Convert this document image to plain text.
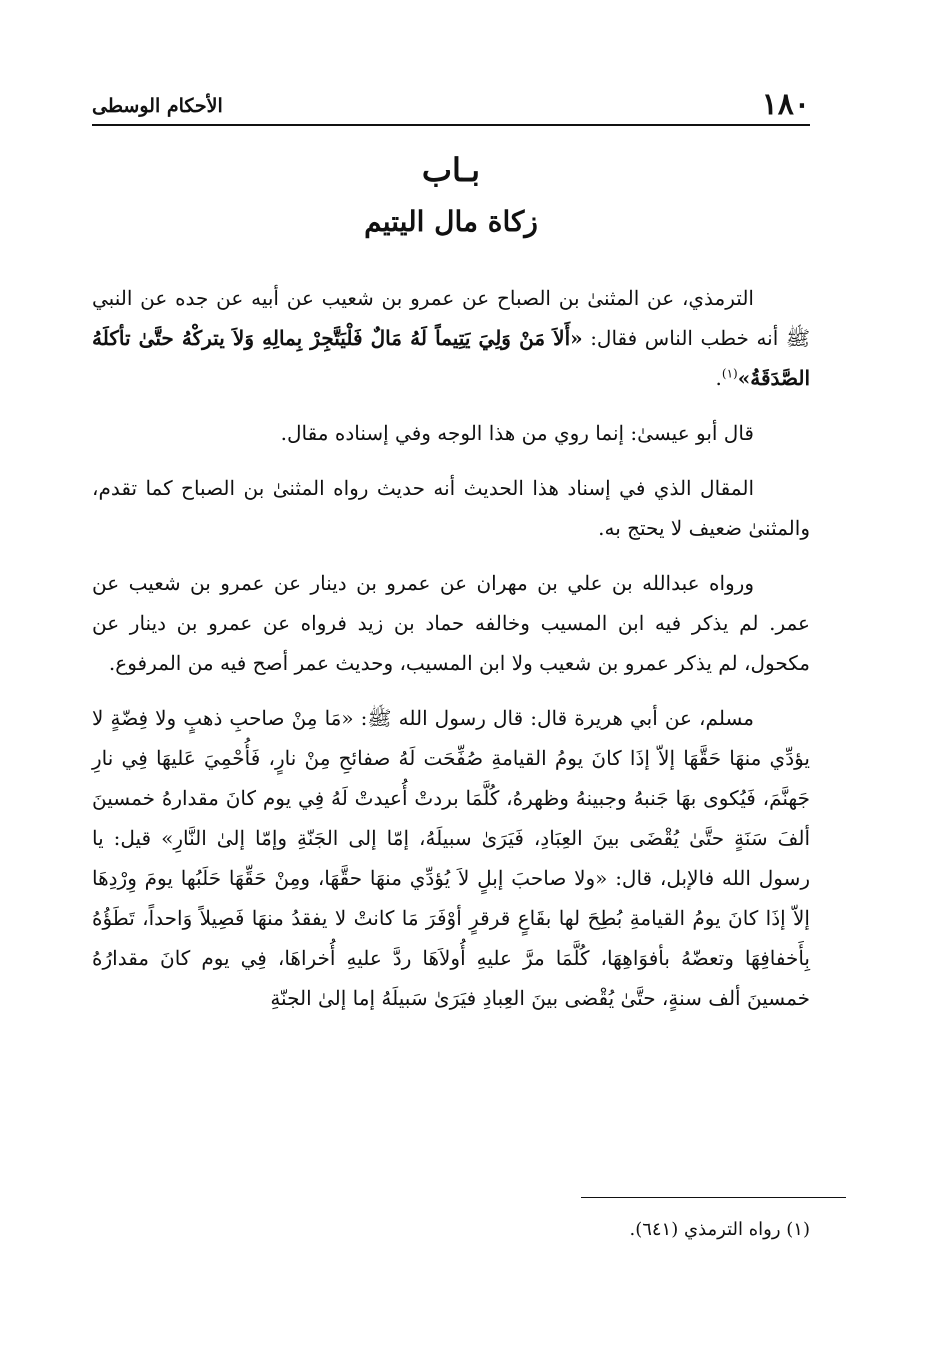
١٨٠
الأحكام الوسطى
بـاب
زكاة مال اليتيم

الترمذي، عن المثنىٰ بن الصباح عن عمرو بن شعيب عن أبيه عن جده عن النبي ﷺ أنه خطب الناس فقال: «أَلاَ مَنْ وَلِيَ يَتِيماً لَهُ مَالٌ فَلْيَتَّجِرْ بِمالِهِ وَلاَ يتركْهُ حتَّىٰ تأكلَهُ الصَّدَقَةُ»$^{(١)}$.

قال أبو عيسىٰ: إنما روي من هذا الوجه وفي إسناده مقال.

المقال الذي في إسناد هذا الحديث أنه حديث رواه المثنىٰ بن الصباح كما تقدم، والمثنىٰ ضعيف لا يحتج به.

ورواه عبدالله بن علي بن مهران عن عمرو بن دينار عن عمرو بن شعيب عن عمر. لم يذكر فيه ابن المسيب وخالفه حماد بن زيد فرواه عن عمرو بن دينار عن مكحول، لم يذكر عمرو بن شعيب ولا ابن المسيب، وحديث عمر أصح فيه من المرفوع.

مسلم، عن أبي هريرة قال: قال رسول الله ﷺ: «مَا مِنْ صاحبِ ذهبٍ ولا فِضّةٍ لا يؤدِّي منهَا حَقَّهَا إلاّ إذَا كانَ يومُ القيامةِ صُفِّحَت لَهُ صفائحِ مِنْ نارٍ، فَأُحْمِيَ عَليهَا فِي نارِ جَهنَّمَ، فَيُكوى بهَا جَنبهُ وجبينهُ وظهرهُ، كُلَّمَا بردتْ أُعيدتْ لَهُ فِي يوم كانَ مقدارهُ خمسينَ ألفَ سَنَةٍ حتَّىٰ يُقْضَى بينَ العِبَادِ، فَيَرَىٰ سبيلَهُ، إمّا إلى الجَنّةِ وإمّا إلىٰ النَّارِ» قيل: يا رسول الله فالإبل، قال: «ولا صاحبَ إبلٍ لاَ يُؤدِّي منهَا حقَّهَا، ومِنْ حَقِّهَا حَلَبُها يومَ وِرْدِهَا إلاّ إذَا كانَ يومُ القيامةِ بُطِحَ لها بقَاعٍ قرقرٍ أوْفَرَ مَا كانتْ لا يفقدُ منهَا فَصِيلاً وَاحداً، تَطَؤُهُ بِأَخفافِهَا وتعضّهُ بأفوَاهِهَا، كُلَّمَا مرَّ عليهِ أُولاَهَا ردَّ عليهِ أُخراهَا، فِي يوم كانَ مقدارُهُ خمسينَ ألف سنةٍ، حتَّىٰ يُقْضى بينَ العِبادِ فيَرَىٰ سَبيلَهُ إما إلىٰ الجنّةِ

(١) رواه الترمذي (٦٤١).
